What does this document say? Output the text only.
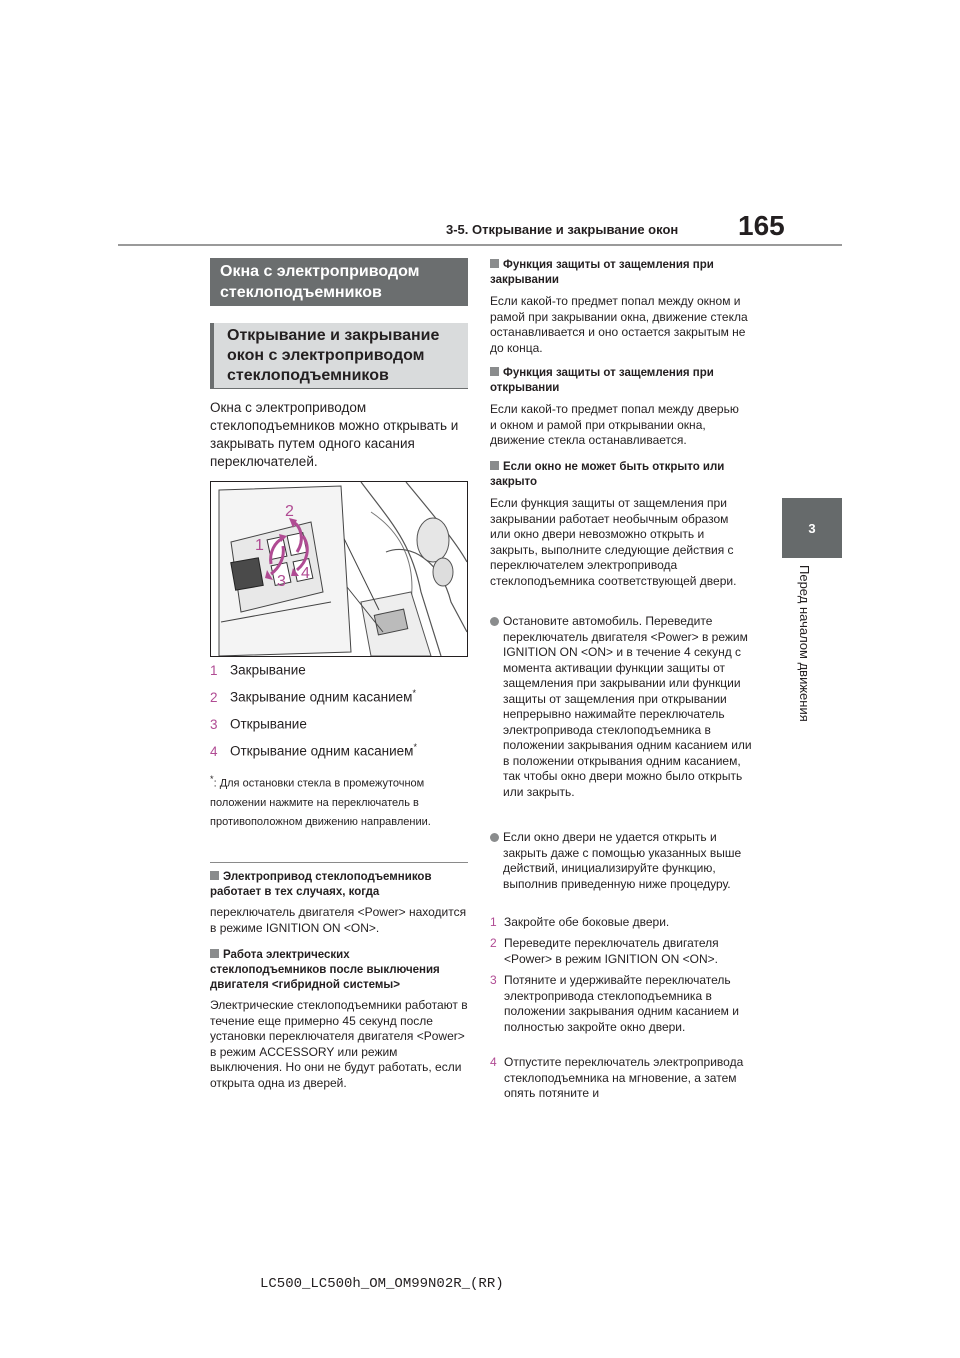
165
3-5. Открывание и закрывание окон
3
Перед началом движения
Окна с электроприводом стеклоподъемников
Открывание и закрывание окон с электроприводом стеклоподъемников
Окна с электроприводом стеклоподъемников можно открывать и закрывать путем одного касания переключателей.
1
2
3 4
1 Закрывание
2 Закрывание одним касанием*
3 Открывание
4 Открывание одним касанием*
*: Для остановки стекла в промежуточном положении нажмите на переключатель в противоположном движению направлении.
Электропривод стеклоподъемников работает в тех случаях, когда
переключатель двигателя <Power> находится в режиме IGNITION ON <ON>.
Работа электрических стеклоподъемников после выключения двигателя <гибридной системы>
Электрические стеклоподъемники работают в течение еще примерно 45 секунд после установки переключателя двигателя <Power> в режим ACCESSORY или режим выключения. Но они не будут работать, если открыта одна из дверей.
Функция защиты от защемления при закрывании
Если какой-то предмет попал между окном и рамой при закрывании окна, движение стекла останавливается и оно остается закрытым не до конца.
Функция защиты от защемления при открывании
Если какой-то предмет попал между дверью и окном и рамой при открывании окна, движение стекла останавливается.
Если окно не может быть открыто или закрыто
Если функция защиты от защемления при закрывании работает необычным образом или окно двери невозможно открыть и закрыть, выполните следующие действия с переключателем электропривода стеклоподъемника соответствующей двери.
Остановите автомобиль. Переведите переключатель двигателя <Power> в режим IGNITION ON <ON> и в течение 4 секунд с момента активации функции защиты от защемления при закрывании или функции защиты от защемления при открывании непрерывно нажимайте переключатель электропривода стеклоподъемника в положении закрывания одним касанием или в положении открывания одним касанием, так чтобы окно двери можно было открыть или закрыть.
Если окно двери не удается открыть и закрыть даже с помощью указанных выше действий, инициализируйте функцию, выполнив приведенную ниже процедуру.
1 Закройте обе боковые двери.
2 Переведите переключатель двигателя <Power> в режим IGNITION ON <ON>.
3 Потяните и удерживайте переключатель электропривода стеклоподъемника в положении закрывания одним касанием и полностью закройте окно двери.
4 Отпустите переключатель электропривода стеклоподъемника на мгновение, а затем опять потяните и
LC500_LC500h_OM_OM99N02R_(RR)
